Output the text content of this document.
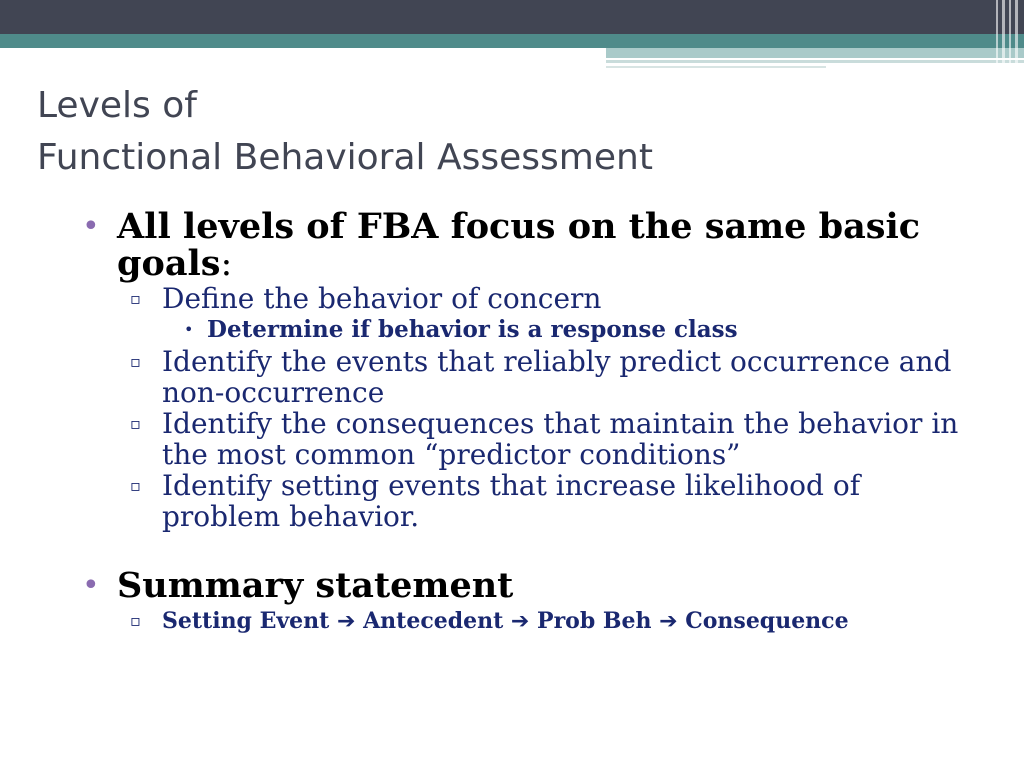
Levels of
Functional Behavioral Assessment
• All levels of FBA focus on the same basic goals:
▫ Define the behavior of concern
• Determine if behavior is a response class
▫ Identify the events that reliably predict occurrence and non-occurrence
▫ Identify the consequences that maintain the behavior in the most common “predictor conditions”
▫ Identify setting events that increase likelihood of problem behavior.
• Summary statement
▫ Setting Event ➔ Antecedent ➔ Prob Beh ➔ Consequence
